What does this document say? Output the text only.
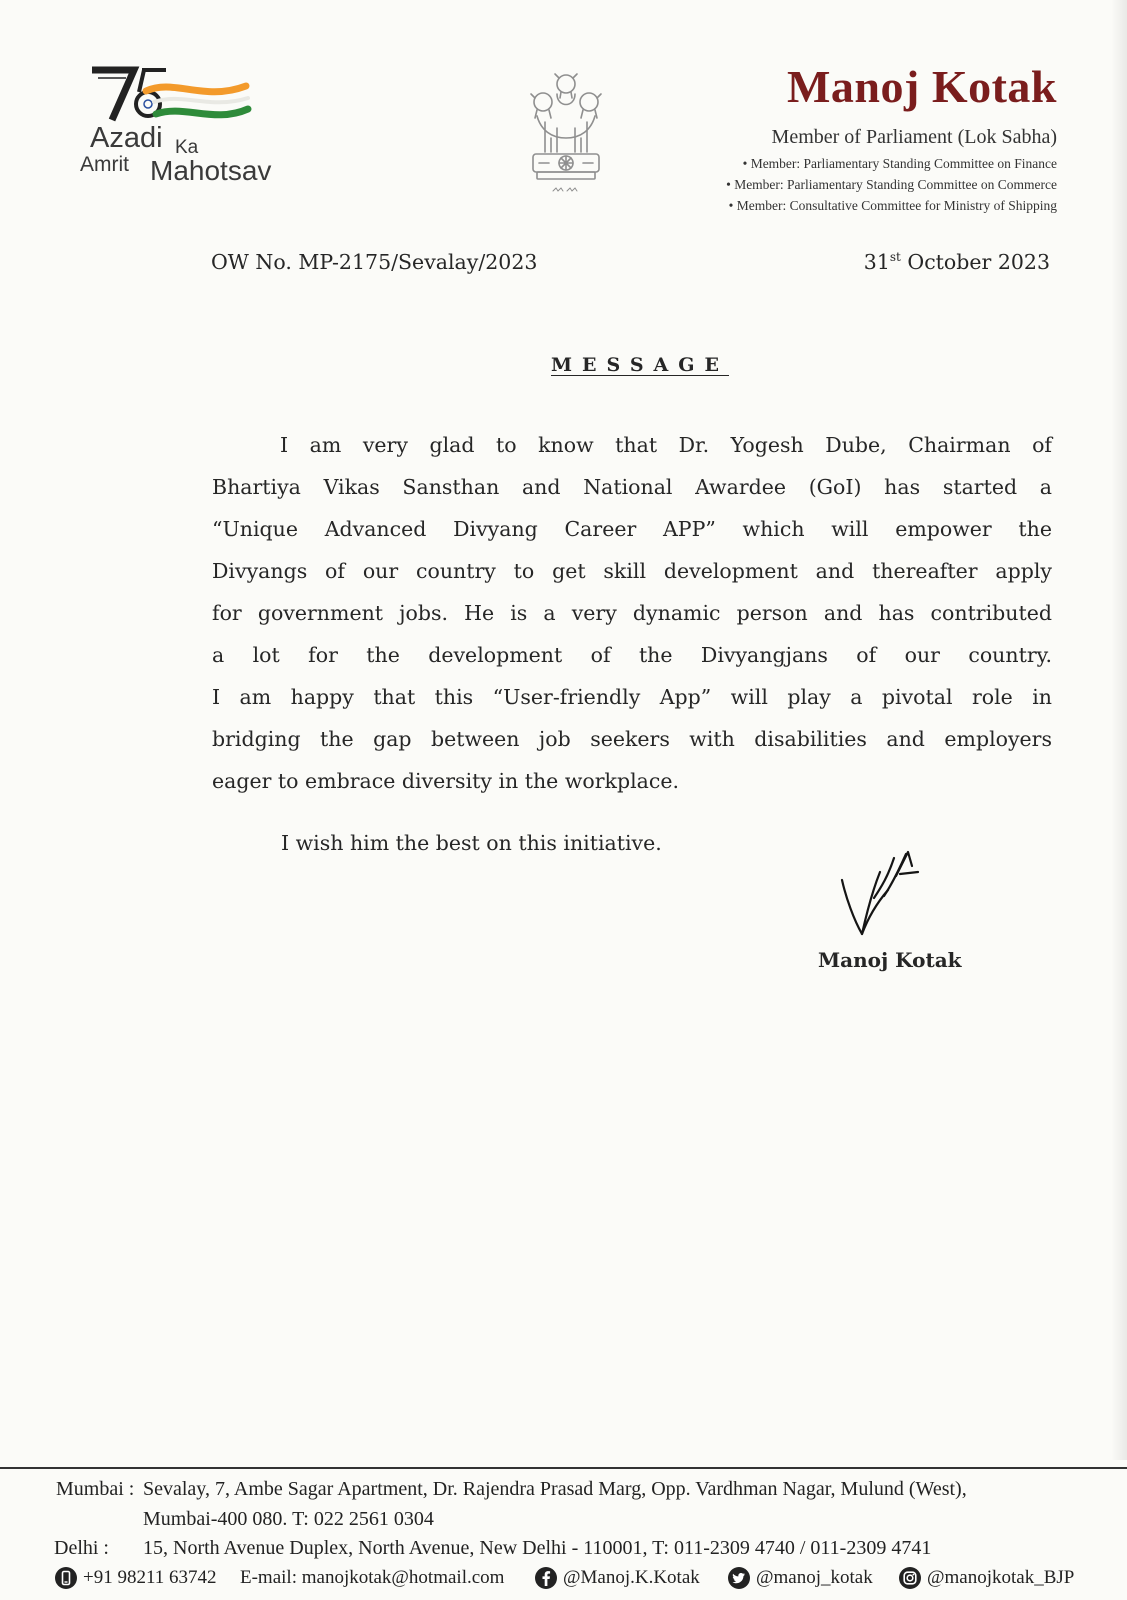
Azadi Ka
Amrit Mahotsav
Manoj Kotak
Member of Parliament (Lok Sabha)
• Member: Parliamentary Standing Committee on Finance
• Member: Parliamentary Standing Committee on Commerce
• Member: Consultative Committee for Ministry of Shipping
OW No. MP-2175/Sevalay/2023	31st October 2023
MESSAGE
I am very glad to know that Dr. Yogesh Dube, Chairman of
Bhartiya Vikas Sansthan and National Awardee (GoI) has started a
“Unique Advanced Divyang Career APP” which will empower the
Divyangs of our country to get skill development and thereafter apply
for government jobs. He is a very dynamic person and has contributed
a lot for the development of the Divyangjans of our country.
I am happy that this “User-friendly App” will play a pivotal role in
bridging the gap between job seekers with disabilities and employers
eager to embrace diversity in the workplace.
I wish him the best on this initiative.
Manoj Kotak
Mumbai : Sevalay, 7, Ambe Sagar Apartment, Dr. Rajendra Prasad Marg, Opp. Vardhman Nagar, Mulund (West),
Mumbai-400 080. T: 022 2561 0304
Delhi : 15, North Avenue Duplex, North Avenue, New Delhi - 110001, T: 011-2309 4740 / 011-2309 4741
+91 98211 63742 E-mail: manojkotak@hotmail.com	@Manoj.K.Kotak	@manoj_kotak	@manojkotak_BJP
